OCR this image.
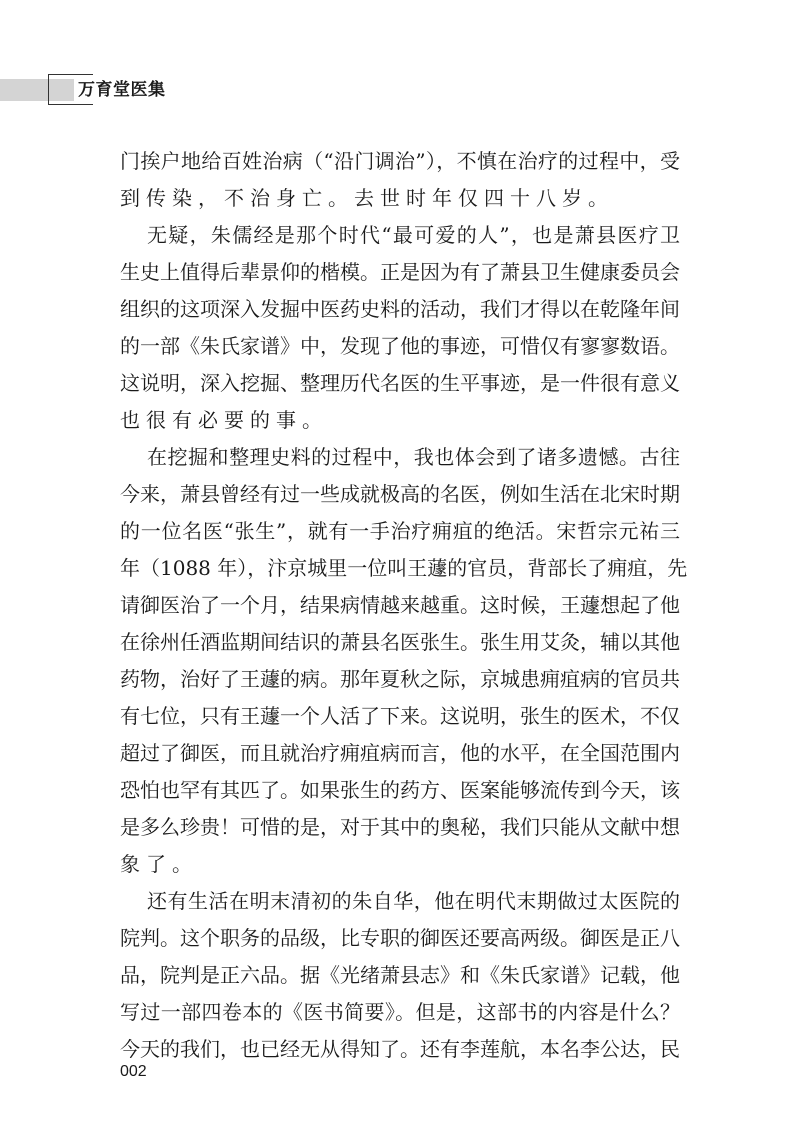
万育堂医集
门挨户地给百姓治病（“沿门调治”），不慎在治疗的过程中，受
到传染，不治身亡。去世时年仅四十八岁。
无疑，朱儒经是那个时代“最可爱的人”，也是萧县医疗卫
生史上值得后辈景仰的楷模。正是因为有了萧县卫生健康委员会
组织的这项深入发掘中医药史料的活动，我们才得以在乾隆年间
的一部《朱氏家谱》中，发现了他的事迹，可惜仅有寥寥数语。
这说明，深入挖掘、整理历代名医的生平事迹，是一件很有意义
也很有必要的事。
在挖掘和整理史料的过程中，我也体会到了诸多遗憾。古往
今来，萧县曾经有过一些成就极高的名医，例如生活在北宋时期
的一位名医“张生”，就有一手治疗痈疽的绝活。宋哲宗元祐三
年（1088 年），汴京城里一位叫王蘧的官员，背部长了痈疽，先
请御医治了一个月，结果病情越来越重。这时候，王蘧想起了他
在徐州任酒监期间结识的萧县名医张生。张生用艾灸，辅以其他
药物，治好了王蘧的病。那年夏秋之际，京城患痈疽病的官员共
有七位，只有王蘧一个人活了下来。这说明，张生的医术，不仅
超过了御医，而且就治疗痈疽病而言，他的水平，在全国范围内
恐怕也罕有其匹了。如果张生的药方、医案能够流传到今天，该
是多么珍贵！可惜的是，对于其中的奥秘，我们只能从文献中想
象了。
还有生活在明末清初的朱自华，他在明代末期做过太医院的
院判。这个职务的品级，比专职的御医还要高两级。御医是正八
品，院判是正六品。据《光绪萧县志》和《朱氏家谱》记载，他
写过一部四卷本的《医书简要》。但是，这部书的内容是什么？
今天的我们，也已经无从得知了。还有李莲航，本名李公达，民
002
